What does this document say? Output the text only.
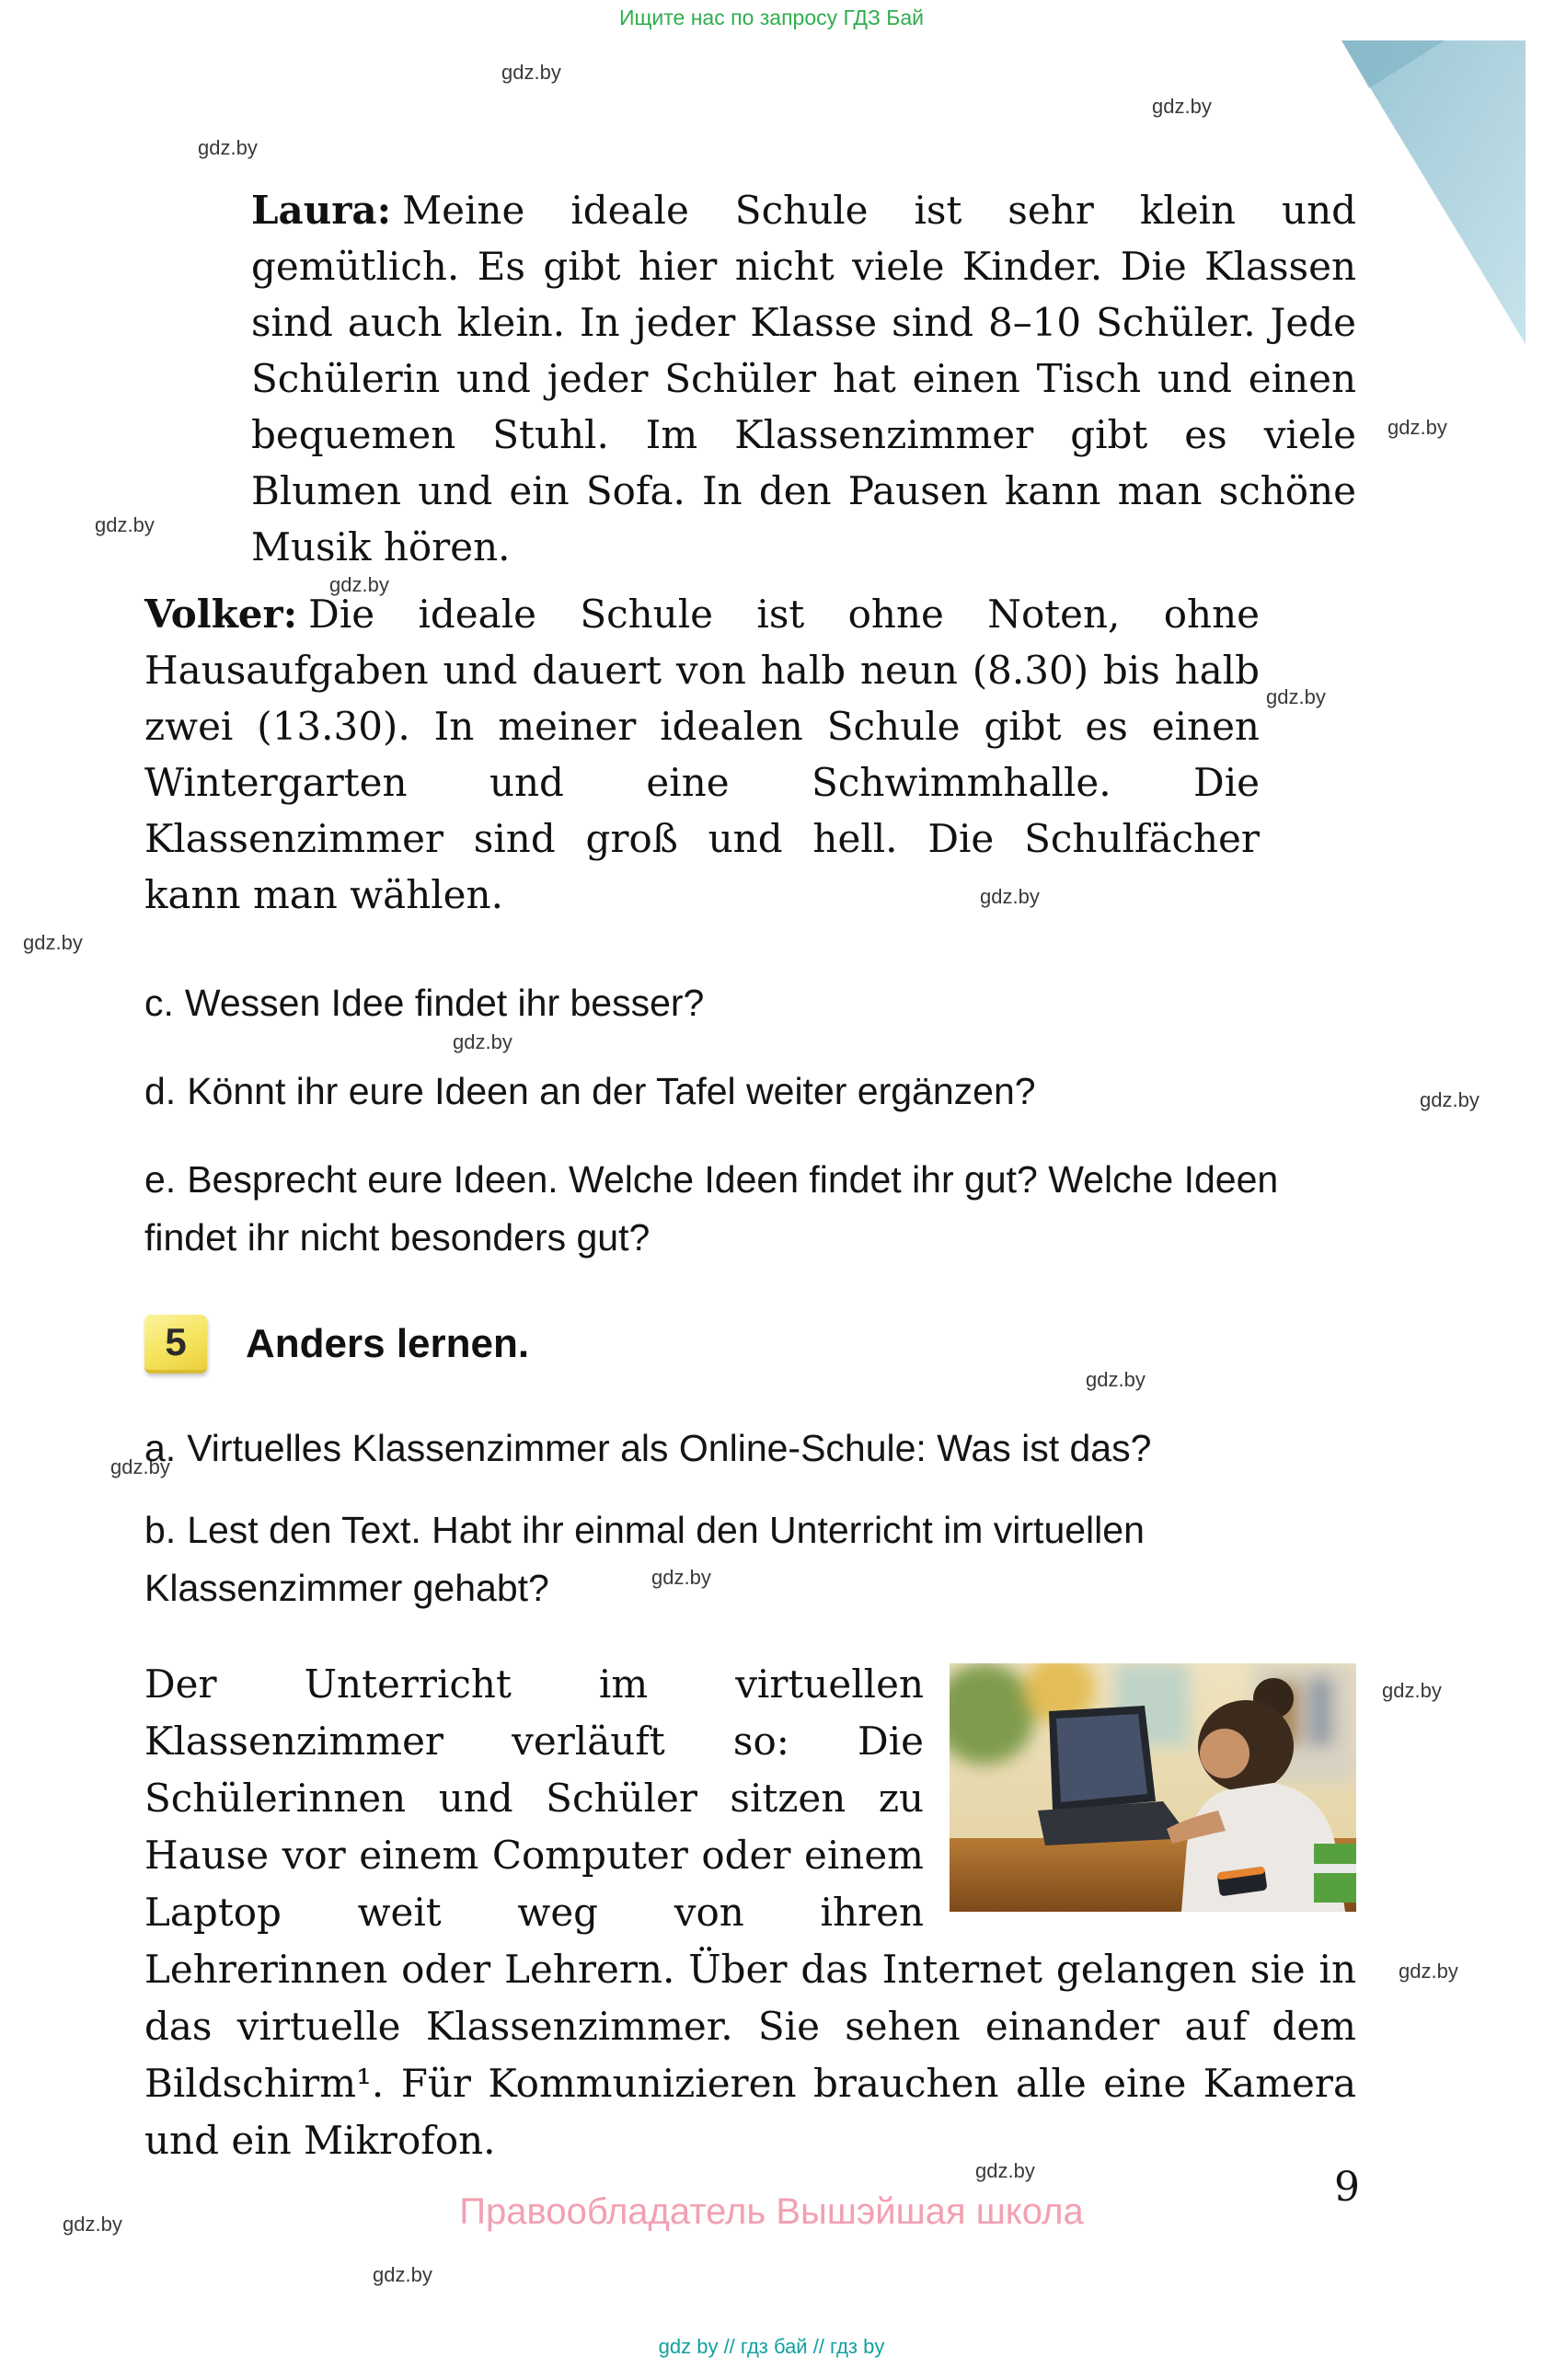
Ищите нас по запросу ГДЗ Бай
gdz.by
gdz.by
gdz.by
gdz.by
gdz.by
gdz.by
gdz.by
gdz.by
gdz.by
gdz.by
gdz.by
gdz.by
gdz.by
gdz.by
gdz.by
gdz.by
gdz.by
gdz.by
gdz.by

Laura: Meine ideale Schule ist sehr klein und gemütlich. Es gibt hier nicht viele Kinder. Die Klassen sind auch klein. In jeder Klasse sind 8–10 Schüler. Jede Schülerin und jeder Schüler hat einen Tisch und einen bequemen Stuhl. Im Klassenzimmer gibt es viele Blumen und ein Sofa. In den Pausen kann man schöne Musik hören.

Volker: Die ideale Schule ist ohne Noten, ohne Hausaufgaben und dauert von halb neun (8.30) bis halb zwei (13.30). In meiner idealen Schule gibt es einen Wintergarten und eine Schwimmhalle. Die Klassenzimmer sind groß und hell. Die Schulfächer kann man wählen.

c. Wessen Idee findet ihr besser?

d. Könnt ihr eure Ideen an der Tafel weiter ergänzen?

e. Besprecht eure Ideen. Welche Ideen findet ihr gut? Welche Ideen findet ihr nicht besonders gut?

5	Anders lernen.

a. Virtuelles Klassenzimmer als Online-Schule: Was ist das?

b. Lest den Text. Habt ihr einmal den Unterricht im virtuellen Klassenzimmer gehabt?

Der Unterricht im virtuellen Klassenzimmer verläuft so: Die Schülerinnen und Schüler sitzen zu Hause vor einem Computer oder einem Laptop weit weg von ihren Lehrerinnen oder Lehrern. Über das Internet gelangen sie in das virtuelle Klassenzimmer. Sie sehen einander auf dem Bildschirm¹. Für Kommunizieren brauchen alle eine Kamera und ein Mikrofon.

Правообладатель Вышэйшая школа
9
gdz by // гдз бай // гдз by
